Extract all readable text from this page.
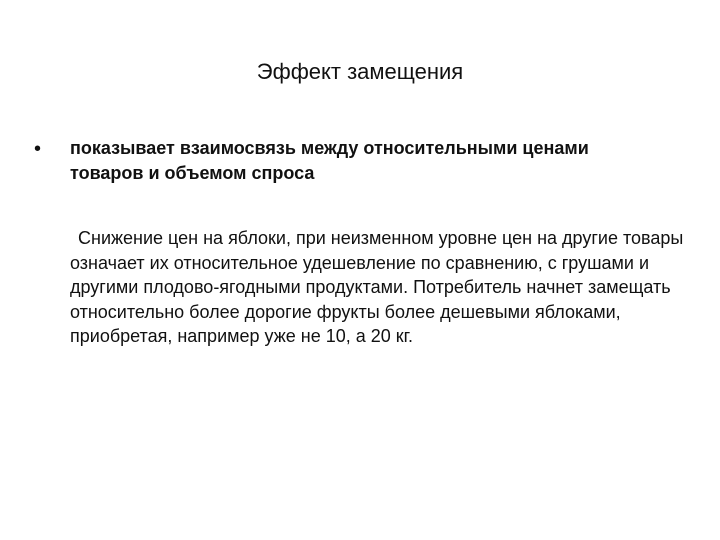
Эффект замещения
• показывает взаимосвязь между относительными ценами товаров и объемом спроса
Снижение цен на яблоки, при неизменном уровне цен на другие товары означает их относительное удешевление по сравнению, с грушами и другими плодово-ягодными продуктами. Потребитель начнет замещать относительно более дорогие фрукты более дешевыми яблоками, приобретая, например уже не 10, а 20 кг.
